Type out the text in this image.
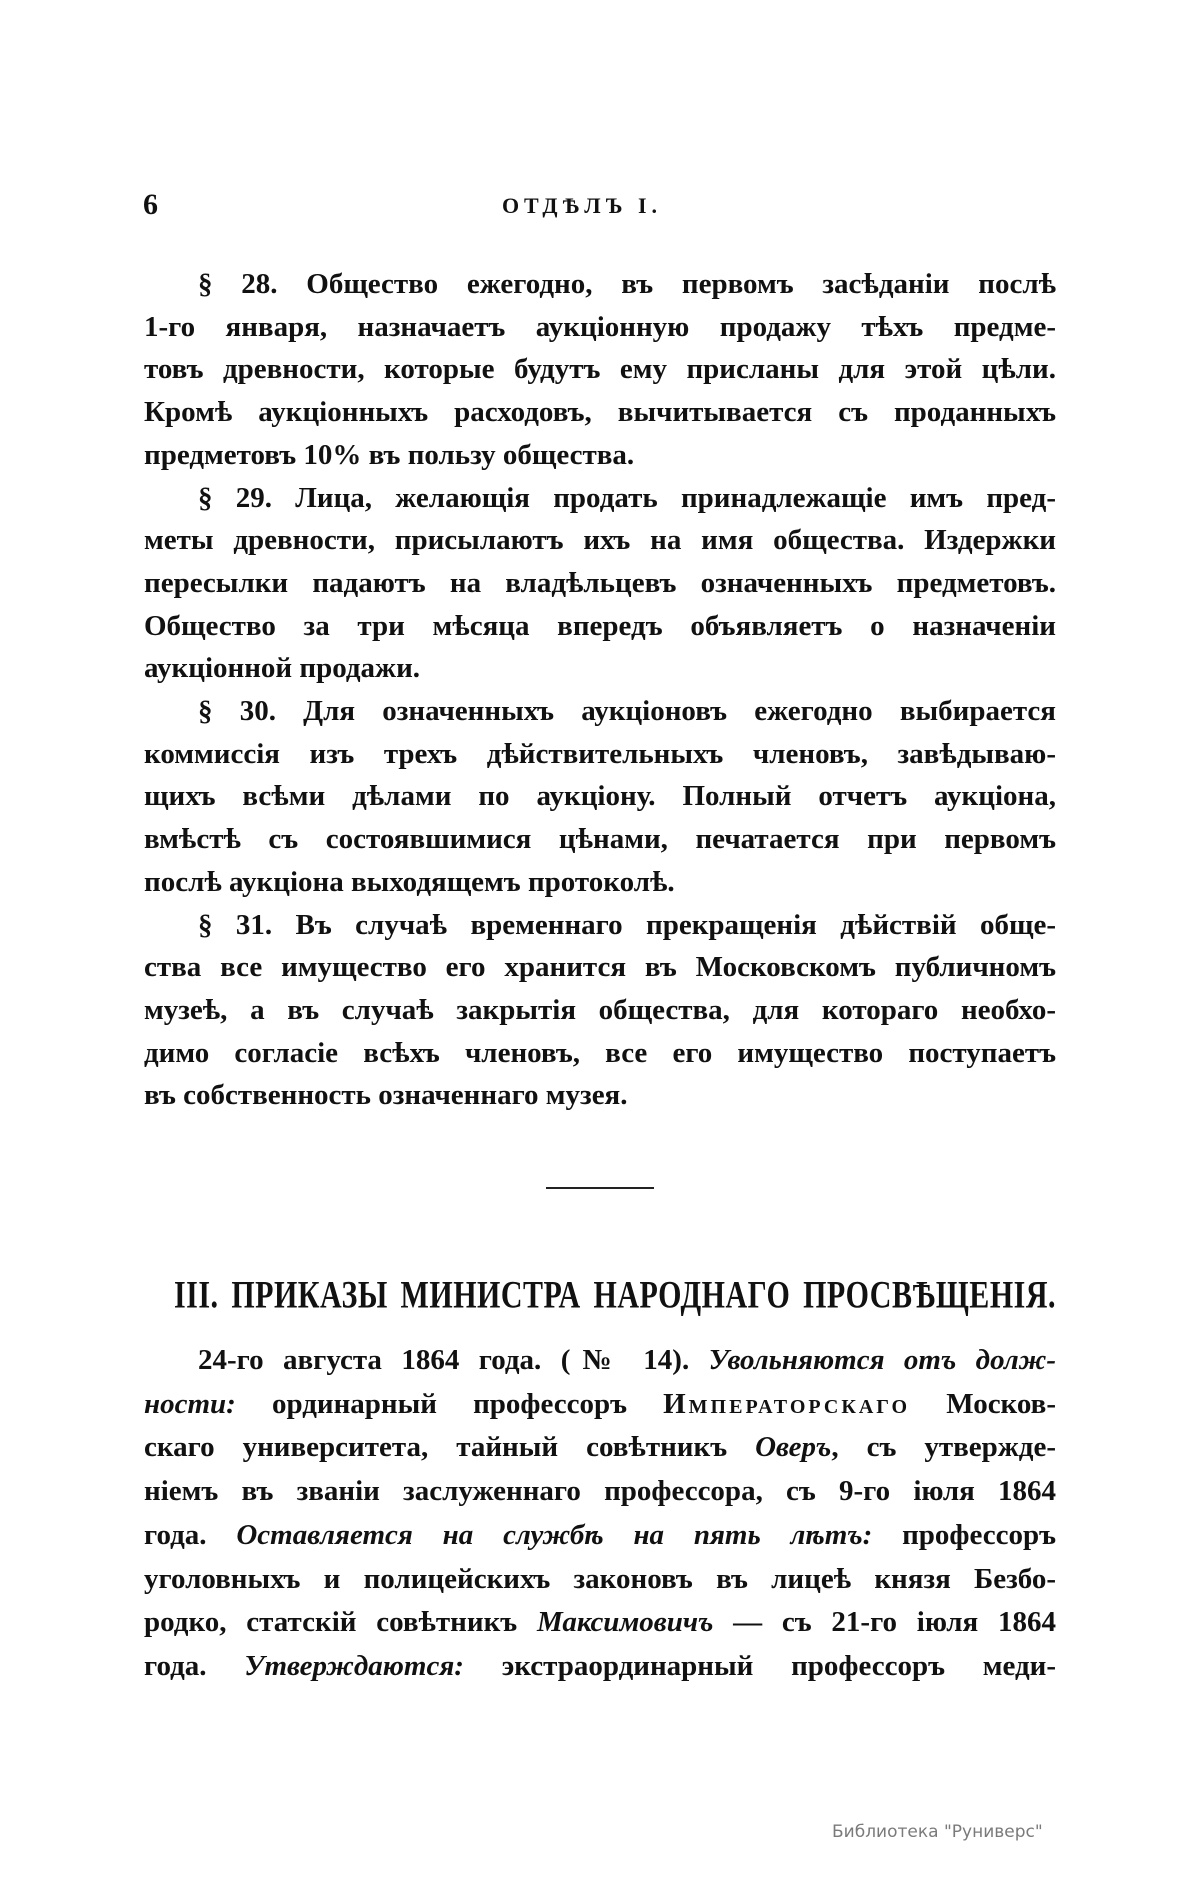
6	ОТДѢЛЪ I.
§ 28. Общество ежегодно, въ первомъ засѣданіи послѣ
1-го января, назначаетъ аукціонную продажу тѣхъ предме-
товъ древности, которые будутъ ему присланы для этой цѣли.
Кромѣ аукціонныхъ расходовъ, вычитывается съ проданныхъ
предметовъ 10% въ пользу общества.
§ 29. Лица, желающія продать принадлежащіе имъ пред-
меты древности, присылаютъ ихъ на имя общества. Издержки
пересылки падаютъ на владѣльцевъ означенныхъ предметовъ.
Общество за три мѣсяца впередъ объявляетъ о назначеніи
аукціонной продажи.
§ 30. Для означенныхъ аукціоновъ ежегодно выбирается
коммиссія изъ трехъ дѣйствительныхъ членовъ, завѣдываю-
щихъ всѣми дѣлами по аукціону. Полный отчетъ аукціона,
вмѣстѣ съ состоявшимися цѣнами, печатается при первомъ
послѣ аукціона выходящемъ протоколѣ.
§ 31. Въ случаѣ временнаго прекращенія дѣйствій обще-
ства все имущество его хранится въ Московскомъ публичномъ
музеѣ, а въ случаѣ закрытія общества, для котораго необхо-
димо согласіе всѣхъ членовъ, все его имущество поступаетъ
въ собственность означеннаго музея.
III. ПРИКАЗЫ МИНИСТРА НАРОДНАГО ПРОСВѢЩЕНІЯ.
24-го августа 1864 года. (№ 14). Увольняются отъ долж-
ности: ординарный профессоръ Императорскаго Москов-
скаго университета, тайный совѣтникъ Оверъ, съ утвержде-
ніемъ въ званіи заслуженнаго профессора, съ 9-го іюля 1864
года. Оставляется на службѣ на пять лѣтъ: профессоръ
уголовныхъ и полицейскихъ законовъ въ лицеѣ князя Безбо-
родко, статскій совѣтникъ Максимовичъ — съ 21-го іюля 1864
года. Утверждаются: экстраординарный профессоръ меди-
Библиотека "Руниверс"
